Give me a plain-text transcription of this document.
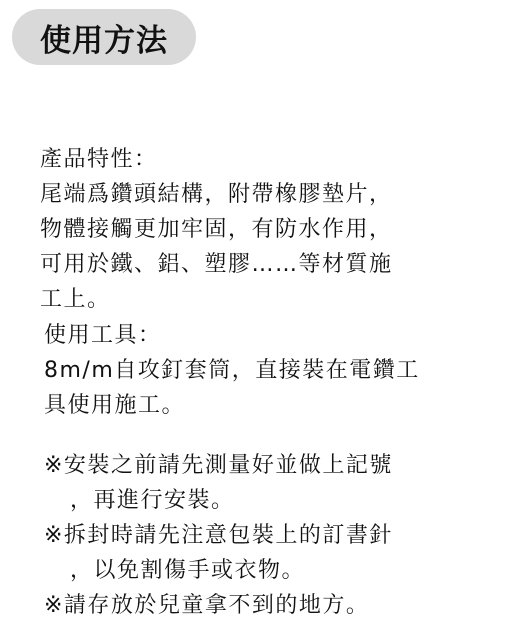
使用方法

產品特性：

尾端爲鑽頭結構，附帶橡膠墊片，

物體接觸更加牢固，有防水作用，

可用於鐵、鋁、塑膠……等材質施

工上。

使用工具：

8m/m自攻釘套筒，直接裝在電鑽工

具使用施工。

※安裝之前請先測量好並做上記號

，再進行安裝。

※拆封時請先注意包裝上的訂書針

，以免割傷手或衣物。

※請存放於兒童拿不到的地方。
